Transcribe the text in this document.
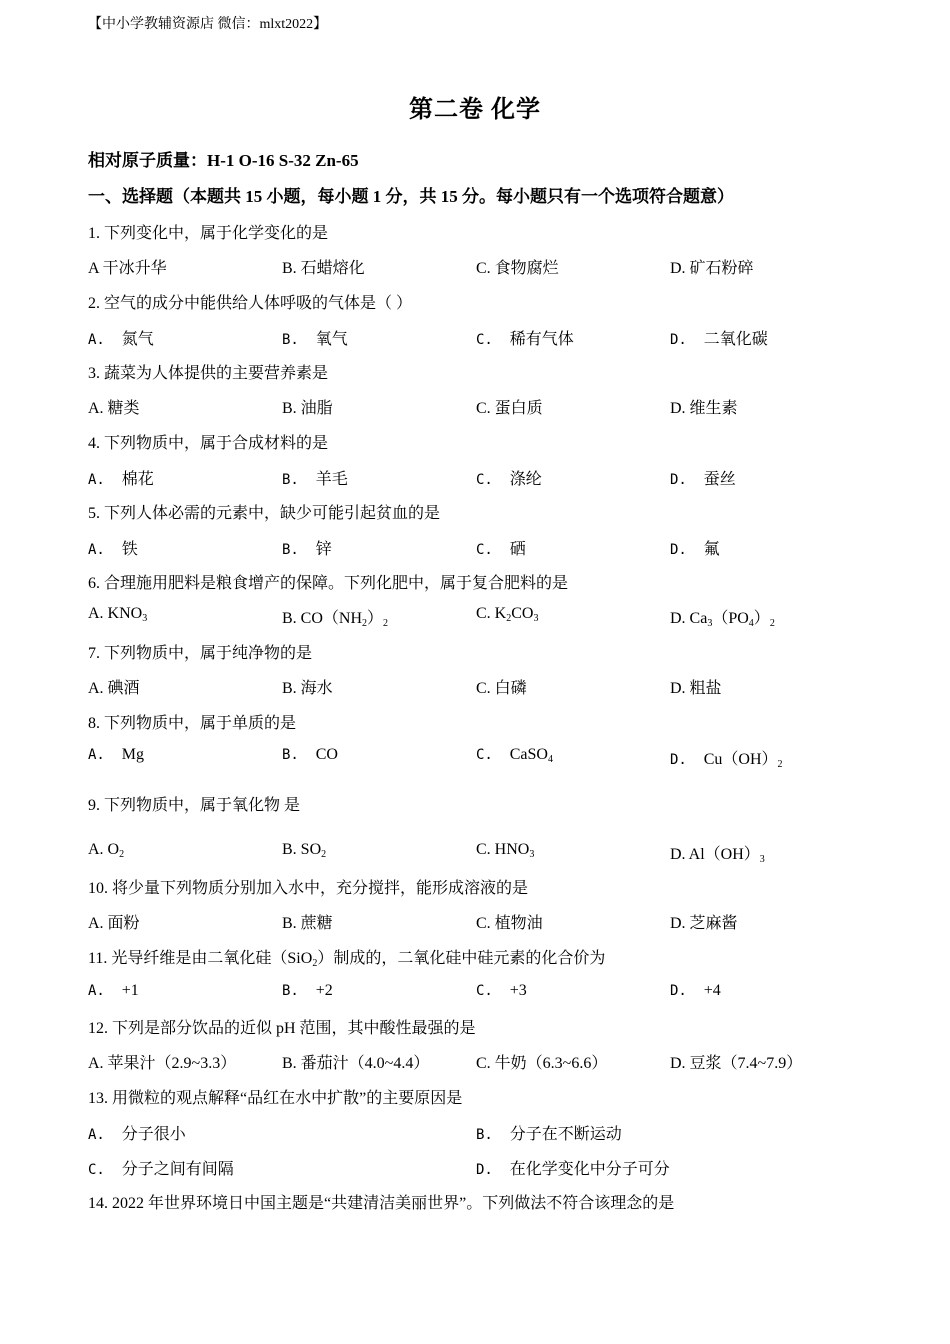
【中小学教辅资源店 微信：mlxt2022】
第二卷 化学
相对原子质量：H-1 O-16 S-32 Zn-65
一、选择题（本题共 15 小题，每小题 1 分，共 15 分。每小题只有一个选项符合题意）
1. 下列变化中，属于化学变化的是
A 干冰升华	B. 石蜡熔化	C. 食物腐烂	D. 矿石粉碎
2. 空气的成分中能供给人体呼吸的气体是（ ）
A. 氮气	B. 氧气	C. 稀有气体	D. 二氧化碳
3. 蔬菜为人体提供的主要营养素是
A. 糖类	B. 油脂	C. 蛋白质	D. 维生素
4. 下列物质中，属于合成材料的是
A. 棉花	B. 羊毛	C. 涤纶	D. 蚕丝
5. 下列人体必需的元素中，缺少可能引起贫血的是
A. 铁	B. 锌	C. 硒	D. 氟
6. 合理施用肥料是粮食增产的保障。下列化肥中，属于复合肥料的是
A. $KNO_3$	B. $CO(NH_2)_2$
C. $K_2CO_3$	D. $Ca_3(PO_4)_2$
7. 下列物质中，属于纯净物的是
A. 碘酒	B. 海水	C. 白磷	D. 粗盐
8. 下列物质中，属于单质的是
A.  Mg	B.  CO	C.  CaSO$_4$	D.  $Cu(OH)_2$
9. 下列物质中，属于氧化物 是
A. $O_2$	B. $SO_2$	C. $HNO_3$	D. $Al(OH)_3$
10. 将少量下列物质分别加入水中，充分搅拌，能形成溶液的是
A. 面粉	B. 蔗糖	C. 植物油	D. 芝麻酱
11. 光导纤维是由二氧化硅（SiO$_2$）制成的，二氧化硅中硅元素的化合价为
A. +1	B. +2	C. +3	D. +4
12. 下列是部分饮品的近似 pH 范围，其中酸性最强的是
A. 苹果汁（2.9~3.3）	B. 番茄汁（4.0~4.4）	C. 牛奶（6.3~6.6）	D. 豆浆（7.4~7.9）
13. 用微粒的观点解释“品红在水中扩散”的主要原因是
A. 分子很小	B. 分子在不断运动
C. 分子之间有间隔	D. 在化学变化中分子可分
14. 2022 年世界环境日中国主题是“共建清洁美丽世界”。下列做法不符合该理念的是
